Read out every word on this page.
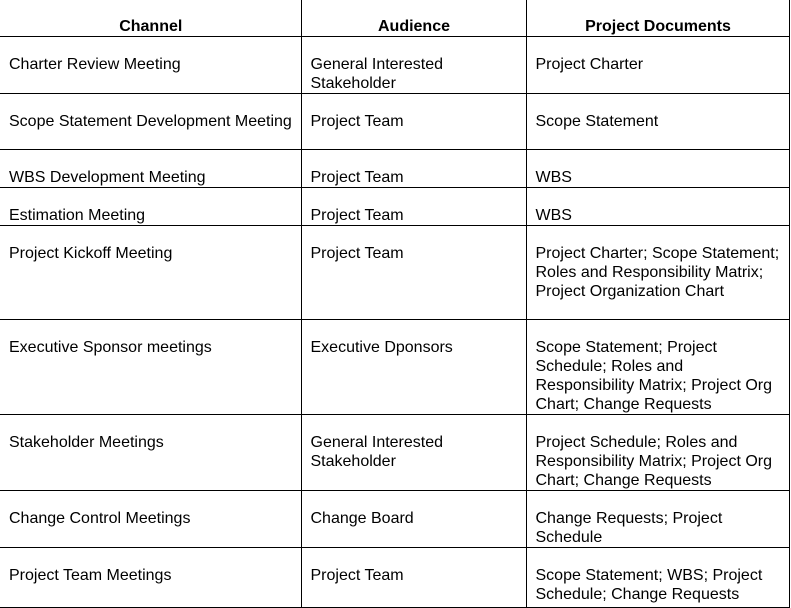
Channel	Audience	Project Documents
Charter Review Meeting	General Interested Stakeholder	Project Charter
Scope Statement Development Meeting	Project Team	Scope Statement
WBS Development Meeting	Project Team	WBS
Estimation Meeting	Project Team	WBS
Project Kickoff Meeting	Project Team	Project Charter; Scope Statement; Roles and Responsibility Matrix; Project Organization Chart
Executive Sponsor meetings	Executive Dponsors	Scope Statement; Project Schedule; Roles and Responsibility Matrix; Project Org Chart; Change Requests
Stakeholder Meetings	General Interested Stakeholder	Project Schedule; Roles and Responsibility Matrix; Project Org Chart; Change Requests
Change Control Meetings	Change Board	Change Requests; Project Schedule
Project Team Meetings	Project Team	Scope Statement; WBS; Project Schedule; Change Requests
